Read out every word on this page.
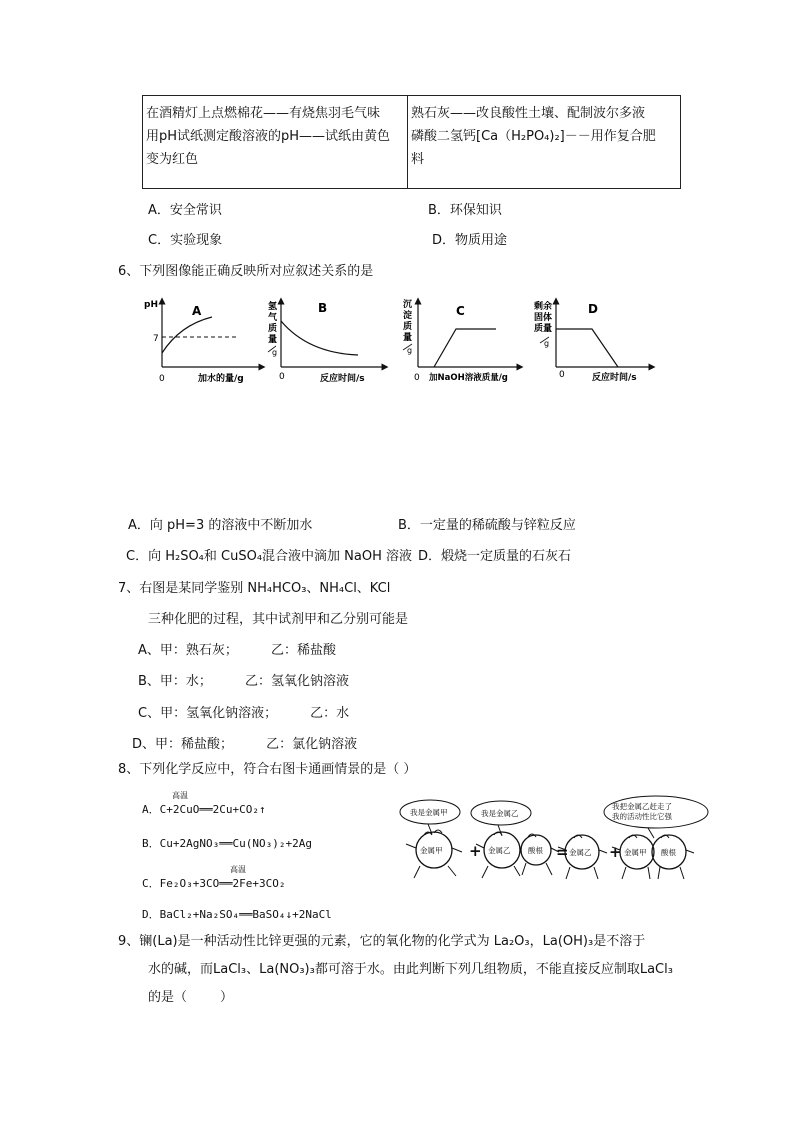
在酒精灯上点燃棉花——有烧焦羽毛气味
用pH试纸测定酸溶液的pH——试纸由黄色
变为红色

熟石灰——改良酸性土壤、配制波尔多液
磷酸二氢钙[Ca（H₂PO₄)₂]－－用作复合肥
料
A．安全常识	B．环保知识
C．实验现象	D．物质用途
6、下列图像能正确反映所对应叙述关系的是
pH
7
A
0	加水的量/g
氢
气
质
量
g
B
0	反应时间/s
沉
淀
质
量
g
C
0 加NaOH溶液质量/g
剩余
固体
质量
g
D
0	反应时间/s
A．向 pH=3 的溶液中不断加水	B．一定量的稀硫酸与锌粒反应
C．向 H₂SO₄和 CuSO₄混合液中滴加 NaOH 溶液 D．煅烧一定质量的石灰石
7、右图是某同学鉴别 NH₄HCO₃、NH₄Cl、KCl
三种化肥的过程，其中试剂甲和乙分别可能是
A、甲：熟石灰；        乙：稀盐酸
B、甲：水；        乙：氢氧化钠溶液
C、甲：氢氧化钠溶液；        乙：水
D、甲：稀盐酸；        乙：氯化钠溶液
8、下列化学反应中，符合右图卡通画情景的是（ ）
高温
A．C+2CuO══2Cu+CO₂↑
B．Cu+2AgNO₃══Cu(NO₃)₂+2Ag
高温
C．Fe₂O₃+3CO══2Fe+3CO₂
D．BaCl₂+Na₂SO₄══BaSO₄↓+2NaCl
我是金属甲	我是金属乙
我把金属乙赶走了
我的活动性比它强
金属甲	金属乙 酸根	金属乙	金属甲 酸根
+	=	+
9、镧(La)是一种活动性比锌更强的元素，它的氧化物的化学式为 La₂O₃，La(OH)₃是不溶于
水的碱，而LaCl₃、La(NO₃)₃都可溶于水。由此判断下列几组物质，不能直接反应制取LaCl₃
的是（        ）
